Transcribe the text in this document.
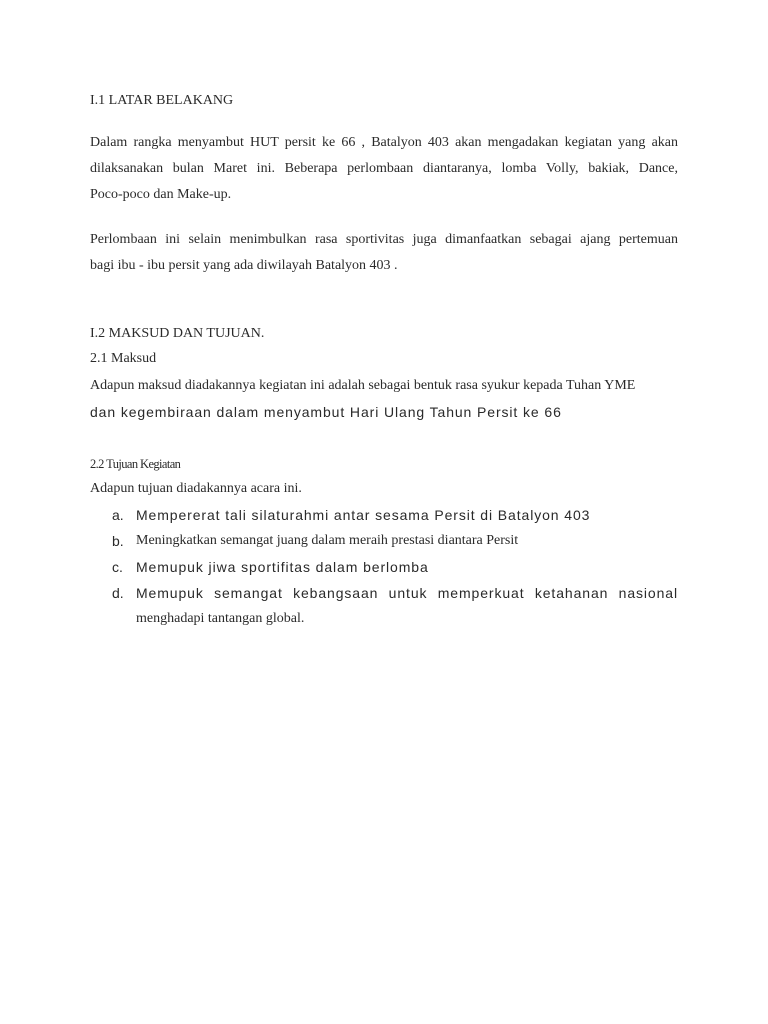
I.1 LATAR BELAKANG
Dalam rangka menyambut HUT persit ke 66 , Batalyon 403 akan mengadakan kegiatan yang akan
dilaksanakan bulan Maret ini. Beberapa perlombaan diantaranya, lomba Volly, bakiak, Dance,
Poco-poco dan Make-up.
Perlombaan ini selain menimbulkan rasa sportivitas juga dimanfaatkan sebagai ajang pertemuan
bagi ibu - ibu persit yang ada diwilayah Batalyon 403 .
I.2 MAKSUD DAN TUJUAN.
2.1 Maksud
Adapun maksud diadakannya kegiatan ini adalah sebagai bentuk rasa syukur kepada Tuhan YME
dan kegembiraan dalam menyambut Hari Ulang Tahun Persit ke 66
2.2 Tujuan Kegiatan
Adapun tujuan diadakannya acara ini.
a. Mempererat tali silaturahmi antar sesama Persit di Batalyon 403
b. Meningkatkan semangat juang dalam meraih prestasi diantara Persit
c. Memupuk jiwa sportifitas dalam berlomba
d. Memupuk semangat kebangsaan untuk memperkuat ketahanan nasional
menghadapi tantangan global.
